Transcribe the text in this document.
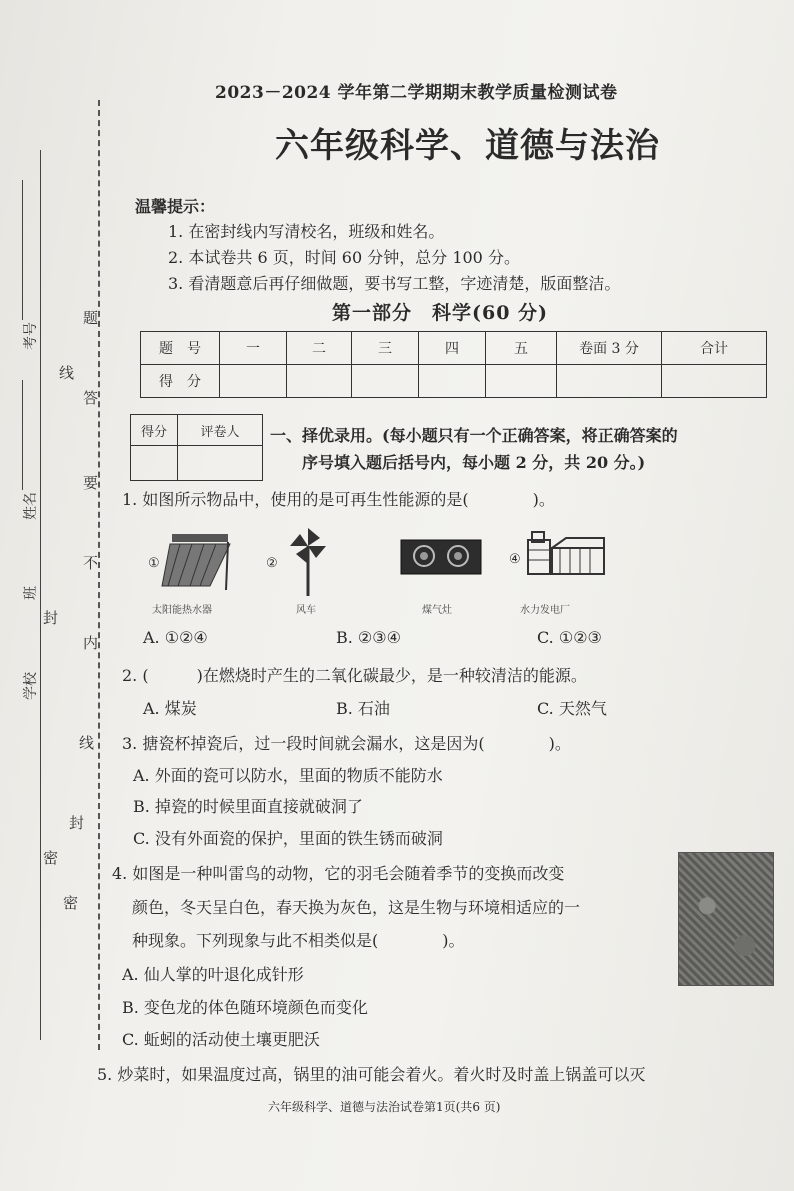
考号
姓名
班
学校
题
答
要
不
内
线
封
密
线
封
密
2023－2024 学年第二学期期末教学质量检测试卷
六年级科学、道德与法治
温馨提示：
1. 在密封线内写清校名，班级和姓名。
2. 本试卷共 6 页，时间 60 分钟，总分 100 分。
3. 看清题意后再仔细做题，要书写工整，字迹清楚，版面整洁。
第一部分　科学(60 分)
题　号	一	二	三	四	五	卷面 3 分	合计
得　分							
得分	评卷人
	一、择优录用。(每小题只有一个正确答案，将正确答案的
序号填入题后括号内，每小题 2 分，共 20 分。)
1. 如图所示物品中，使用的是可再生性能源的是(　　　　)。
①
太阳能热水器
②
风车	煤气灶
④
水力发电厂
A. ①②④	B. ②③④	C. ①②③
2. (　　　)在燃烧时产生的二氧化碳最少，是一种较清洁的能源。
A. 煤炭	B. 石油	C. 天然气
3. 搪瓷杯掉瓷后，过一段时间就会漏水，这是因为(　　　　)。
A. 外面的瓷可以防水，里面的物质不能防水
B. 掉瓷的时候里面直接就破洞了
C. 没有外面瓷的保护，里面的铁生锈而破洞
4. 如图是一种叫雷鸟的动物，它的羽毛会随着季节的变换而改变
颜色，冬天呈白色，春天换为灰色，这是生物与环境相适应的一
种现象。下列现象与此不相类似是(　　　　)。
A. 仙人掌的叶退化成针形
B. 变色龙的体色随环境颜色而变化
C. 蚯蚓的活动使土壤更肥沃
5. 炒菜时，如果温度过高，锅里的油可能会着火。着火时及时盖上锅盖可以灭
六年级科学、道德与法治试卷第1页(共6 页)
